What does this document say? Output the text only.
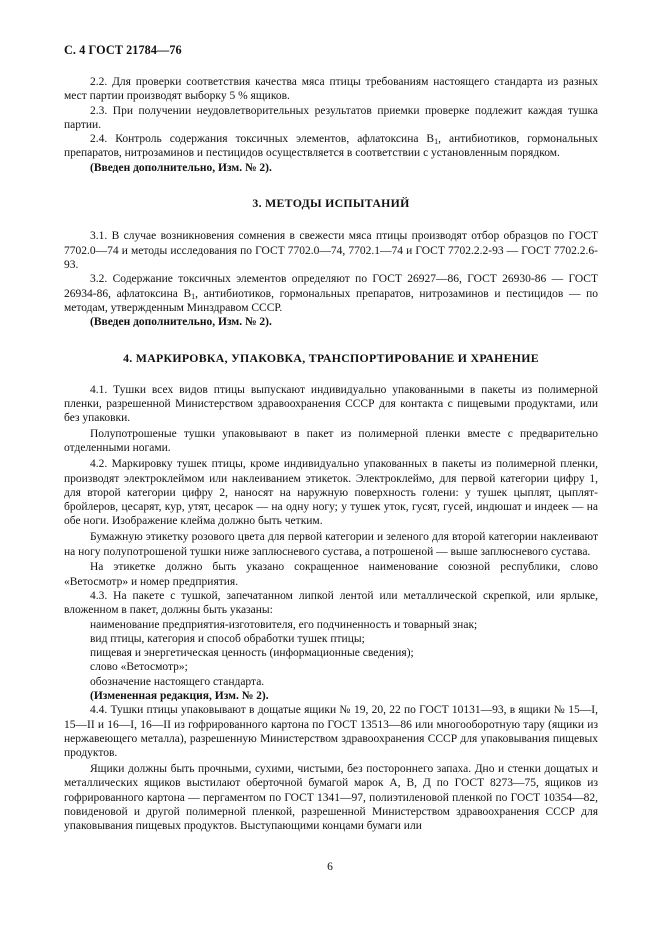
С. 4 ГОСТ 21784—76

2.2. Для проверки соответствия качества мяса птицы требованиям настоящего стандарта из разных мест партии производят выборку 5 % ящиков.

2.3. При получении неудовлетворительных результатов приемки проверке подлежит каждая тушка партии.

2.4. Контроль содержания токсичных элементов, афлатоксина $B_1$, антибиотиков, гормональных препаратов, нитрозаминов и пестицидов осуществляется в соответствии с установленным порядком.

(Введен дополнительно, Изм. № 2).

3. МЕТОДЫ ИСПЫТАНИЙ

3.1. В случае возникновения сомнения в свежести мяса птицы производят отбор образцов по ГОСТ 7702.0—74 и методы исследования по ГОСТ 7702.0—74, 7702.1—74 и ГОСТ 7702.2.2-93 — ГОСТ 7702.2.6-93.

3.2. Содержание токсичных элементов определяют по ГОСТ 26927—86, ГОСТ 26930-86 — ГОСТ 26934-86, афлатоксина $B_1$, антибиотиков, гормональных препаратов, нитрозаминов и пестицидов — по методам, утвержденным Минздравом СССР.

(Введен дополнительно, Изм. № 2).

4. МАРКИРОВКА, УПАКОВКА, ТРАНСПОРТИРОВАНИЕ И ХРАНЕНИЕ

4.1. Тушки всех видов птицы выпускают индивидуально упакованными в пакеты из полимерной пленки, разрешенной Министерством здравоохранения СССР для контакта с пищевыми продуктами, или без упаковки.

Полупотрошеные тушки упаковывают в пакет из полимерной пленки вместе с предварительно отделенными ногами.

4.2. Маркировку тушек птицы, кроме индивидуально упакованных в пакеты из полимерной пленки, производят электроклеймом или наклеиванием этикеток. Электроклеймо, для первой категории цифру 1, для второй категории цифру 2, наносят на наружную поверхность голени: у тушек цыплят, цыплят-бройлеров, цесарят, кур, утят, цесарок — на одну ногу; у тушек уток, гусят, гусей, индюшат и индеек — на обе ноги. Изображение клейма должно быть четким.

Бумажную этикетку розового цвета для первой категории и зеленого для второй категории наклеивают на ногу полупотрошеной тушки ниже заплюсневого сустава, а потрошеной — выше заплюсневого сустава.

На этикетке должно быть указано сокращенное наименование союзной республики, слово «Ветосмотр» и номер предприятия.

4.3. На пакете с тушкой, запечатанном липкой лентой или металлической скрепкой, или ярлыке, вложенном в пакет, должны быть указаны:

наименование предприятия-изготовителя, его подчиненность и товарный знак;

вид птицы, категория и способ обработки тушек птицы;

пищевая и энергетическая ценность (информационные сведения);

слово «Ветосмотр»;

обозначение настоящего стандарта.

(Измененная редакция, Изм. № 2).

4.4. Тушки птицы упаковывают в дощатые ящики № 19, 20, 22 по ГОСТ 10131—93, в ящики № 15—I, 15—II и 16—I, 16—II из гофрированного картона по ГОСТ 13513—86 или многооборотную тару (ящики из нержавеющего металла), разрешенную Министерством здравоохранения СССР для упаковывания пищевых продуктов.

Ящики должны быть прочными, сухими, чистыми, без постороннего запаха. Дно и стенки дощатых и металлических ящиков выстилают оберточной бумагой марок А, В, Д по ГОСТ 8273—75, ящиков из гофрированного картона — пергаментом по ГОСТ 1341—97, полиэтиленовой пленкой по ГОСТ 10354—82, повиденовой и другой полимерной пленкой, разрешенной Министерством здравоохранения СССР для упаковывания пищевых продуктов. Выступающими концами бумаги или

6
